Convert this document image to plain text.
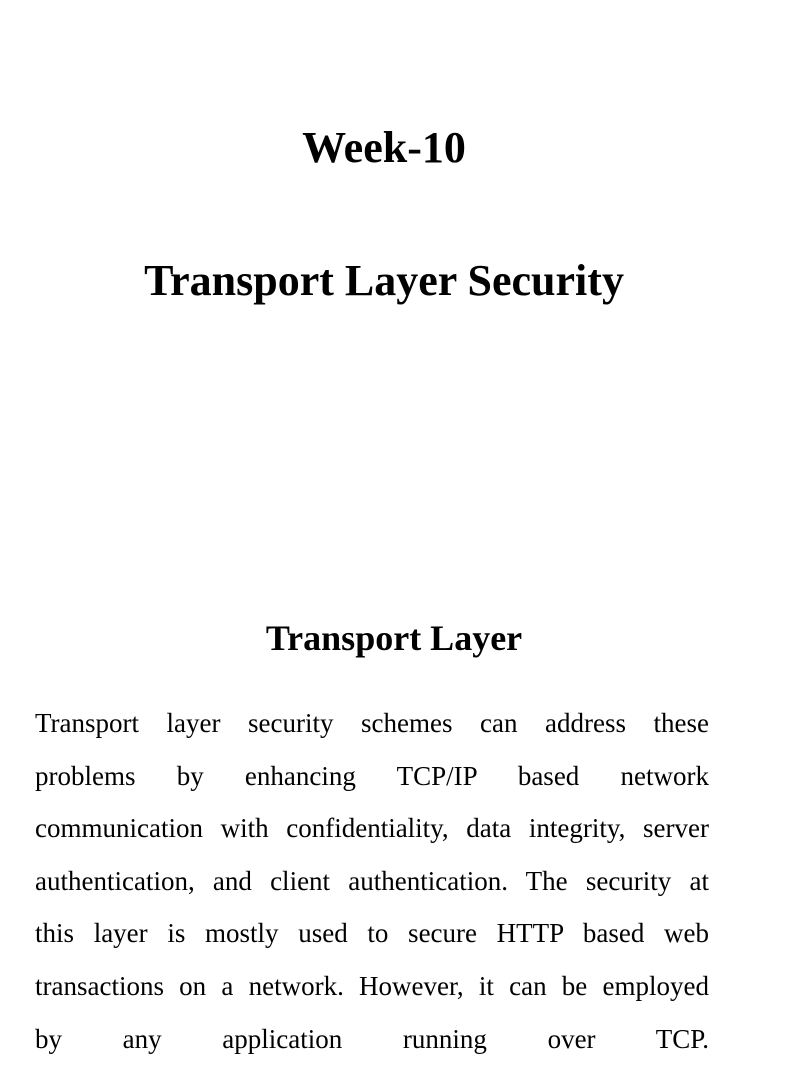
Week-10
Transport Layer Security
Transport Layer
Transport layer security schemes can address these
problems by enhancing TCP/IP based network
communication with confidentiality, data integrity, server
authentication, and client authentication. The security at
this layer is mostly used to secure HTTP based web
transactions on a network. However, it can be employed
by any application running over TCP.
